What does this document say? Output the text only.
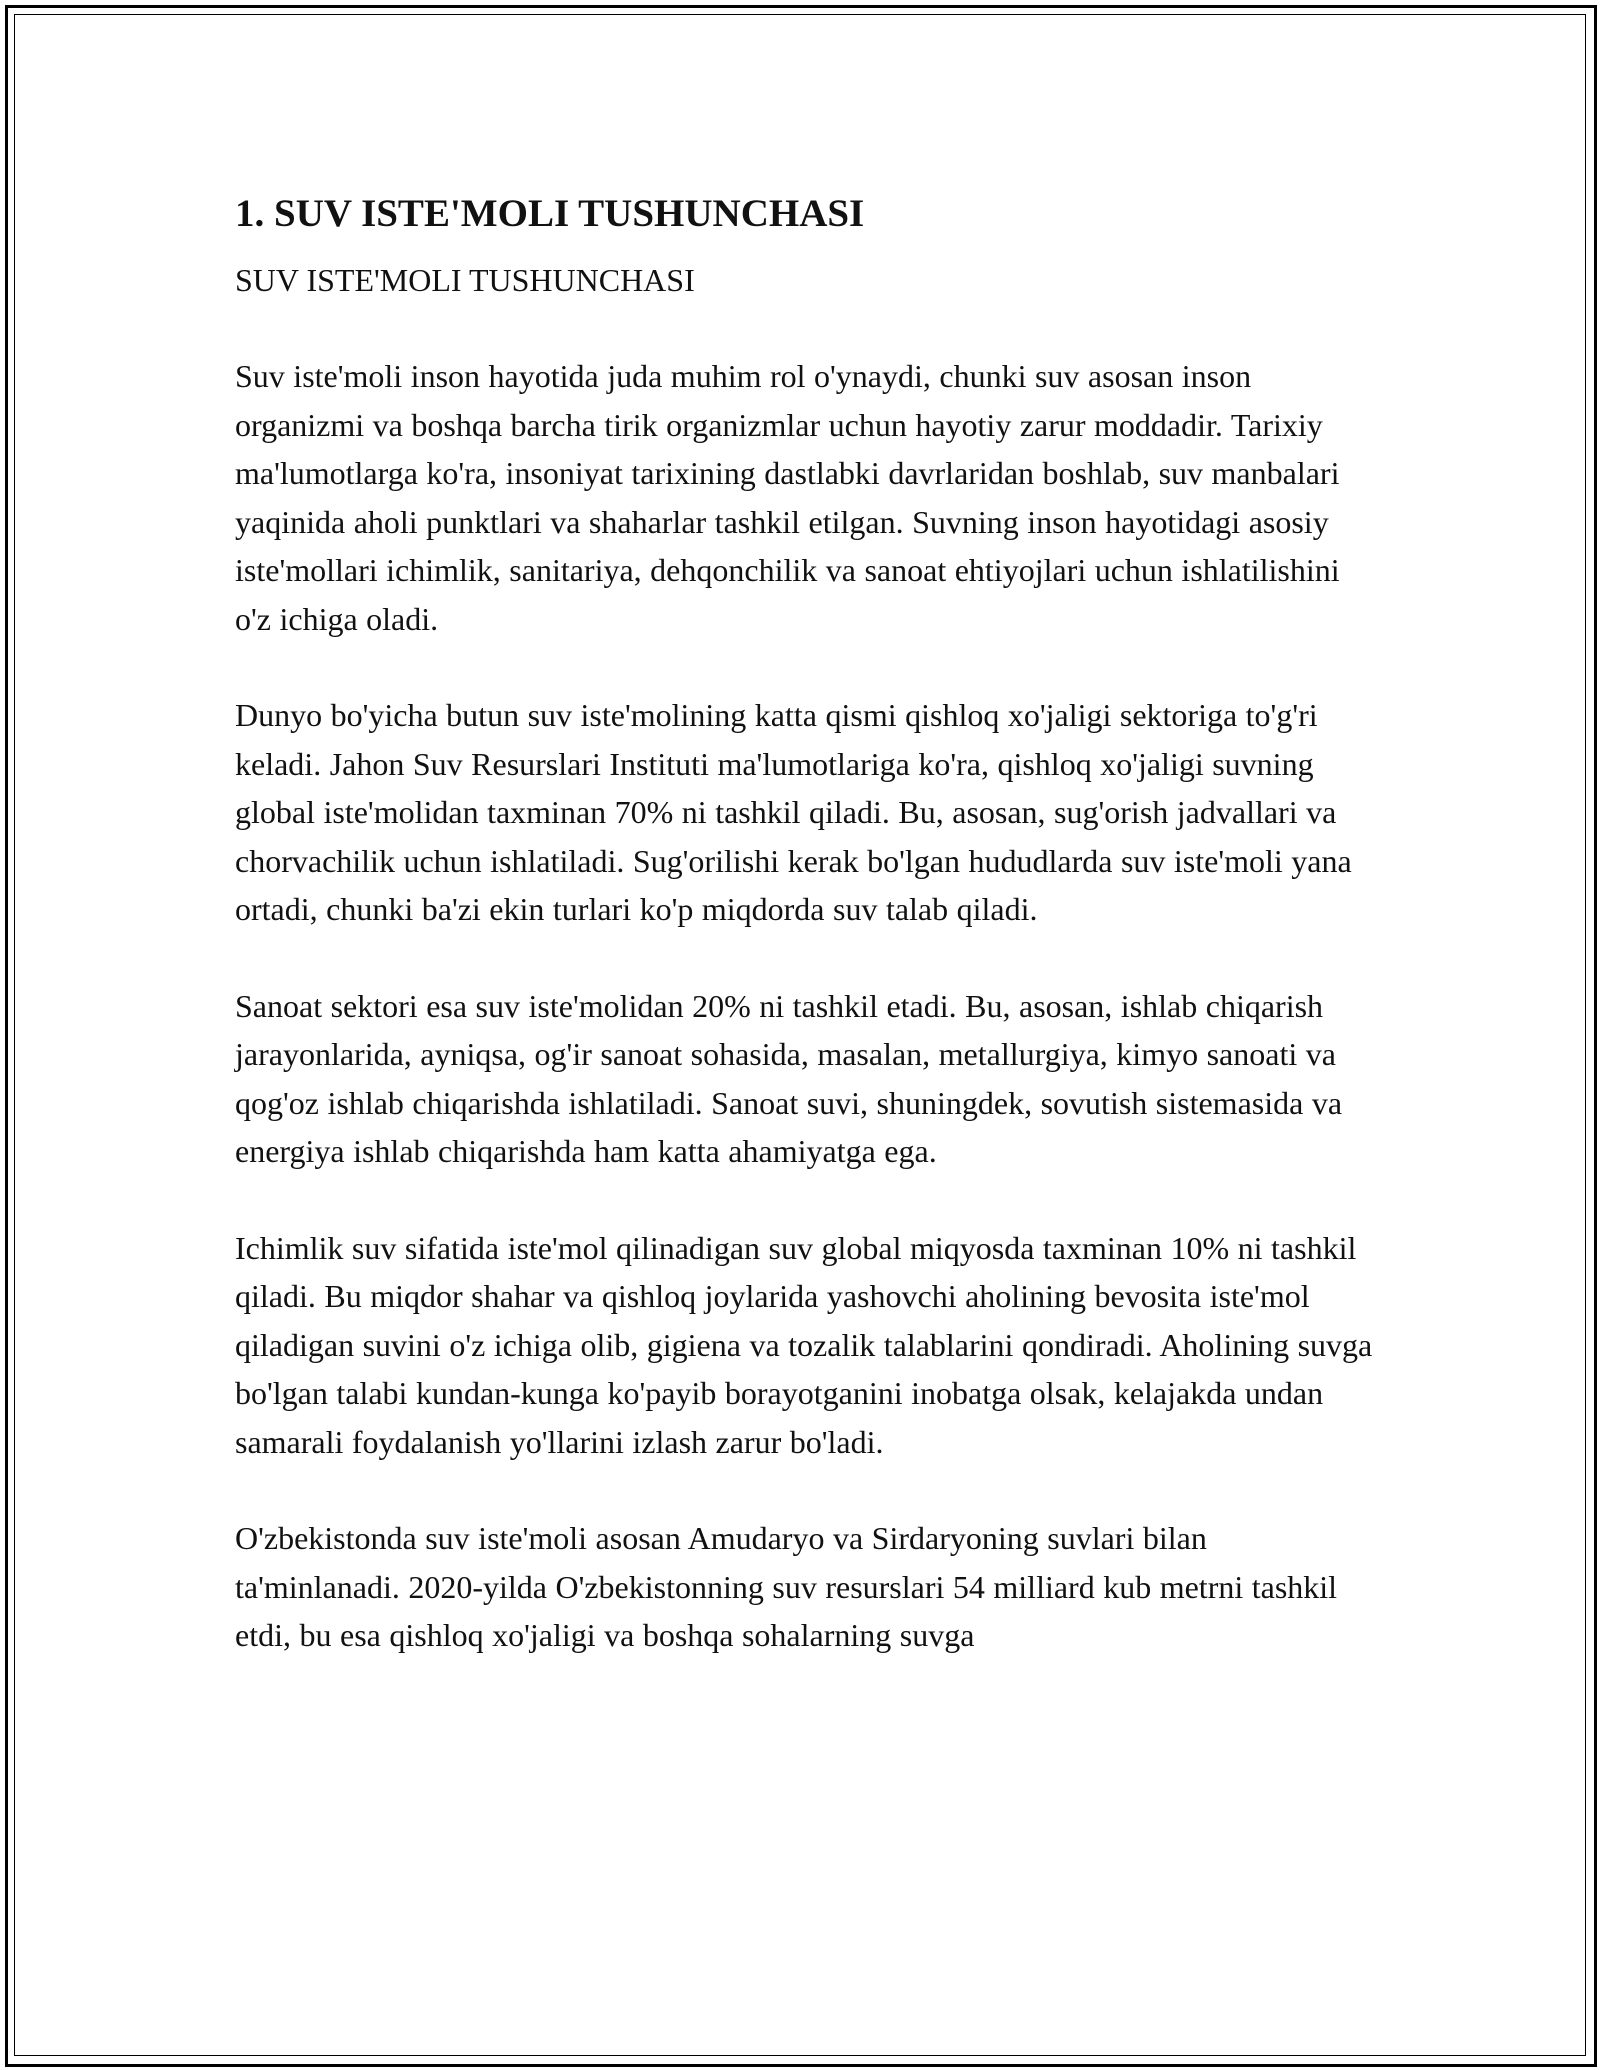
1. SUV ISTE'MOLI TUSHUNCHASI
SUV ISTE'MOLI TUSHUNCHASI

Suv iste'moli inson hayotida juda muhim rol o'ynaydi, chunki suv asosan inson organizmi va boshqa barcha tirik organizmlar uchun hayotiy zarur moddadir. Tarixiy ma'lumotlarga ko'ra, insoniyat tarixining dastlabki davrlaridan boshlab, suv manbalari yaqinida aholi punktlari va shaharlar tashkil etilgan. Suvning inson hayotidagi asosiy iste'mollari ichimlik, sanitariya, dehqonchilik va sanoat ehtiyojlari uchun ishlatilishini o'z ichiga oladi.

Dunyo bo'yicha butun suv iste'molining katta qismi qishloq xo'jaligi sektoriga to'g'ri keladi. Jahon Suv Resurslari Instituti ma'lumotlariga ko'ra, qishloq xo'jaligi suvning global iste'molidan taxminan 70% ni tashkil qiladi. Bu, asosan, sug'orish jadvallari va chorvachilik uchun ishlatiladi. Sug'orilishi kerak bo'lgan hududlarda suv iste'moli yana ortadi, chunki ba'zi ekin turlari ko'p miqdorda suv talab qiladi.

Sanoat sektori esa suv iste'molidan 20% ni tashkil etadi. Bu, asosan, ishlab chiqarish jarayonlarida, ayniqsa, og'ir sanoat sohasida, masalan, metallurgiya, kimyo sanoati va qog'oz ishlab chiqarishda ishlatiladi. Sanoat suvi, shuningdek, sovutish sistemasida va energiya ishlab chiqarishda ham katta ahamiyatga ega.

Ichimlik suv sifatida iste'mol qilinadigan suv global miqyosda taxminan 10% ni tashkil qiladi. Bu miqdor shahar va qishloq joylarida yashovchi aholining bevosita iste'mol qiladigan suvini o'z ichiga olib, gigiena va tozalik talablarini qondiradi. Aholining suvga bo'lgan talabi kundan-kunga ko'payib borayotganini inobatga olsak, kelajakda undan samarali foydalanish yo'llarini izlash zarur bo'ladi.

O'zbekistonda suv iste'moli asosan Amudaryo va Sirdaryoning suvlari bilan ta'minlanadi. 2020-yilda O'zbekistonning suv resurslari 54 milliard kub metrni tashkil etdi, bu esa qishloq xo'jaligi va boshqa sohalarning suvga
